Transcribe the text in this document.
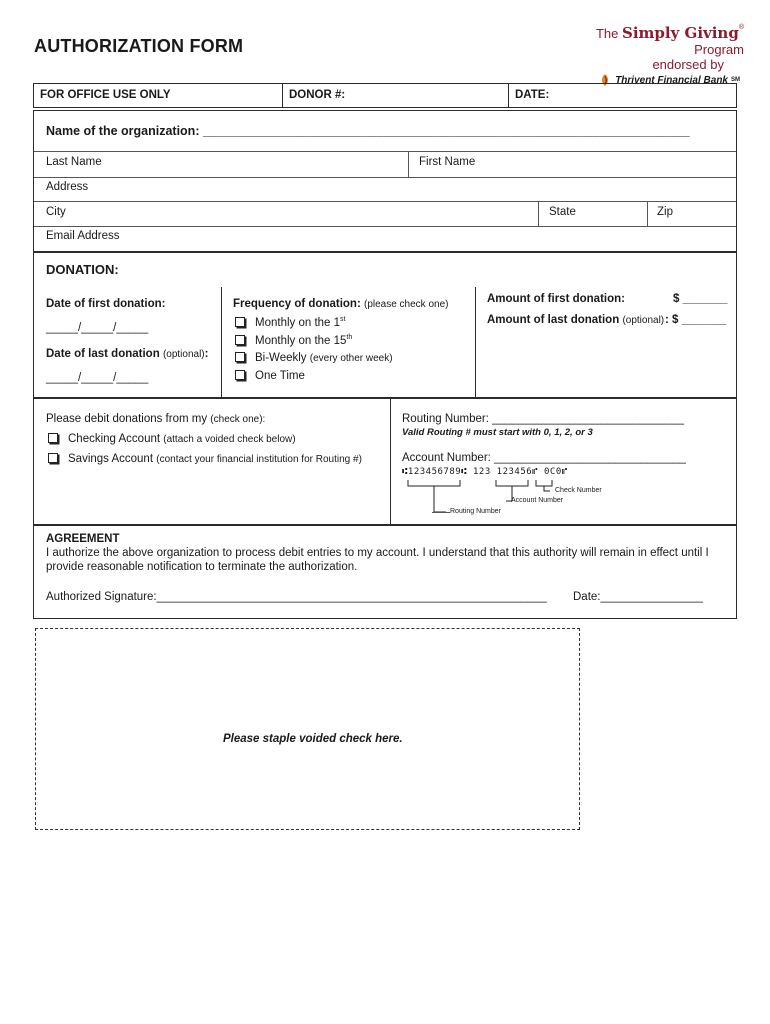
AUTHORIZATION FORM
The Simply Giving® Program
endorsed by
Thrivent Financial Bank SM
FOR OFFICE USE ONLY	DONOR #:	DATE:
Name of the organization: ______________________________________________________________________
Last Name	First Name
Address
City	State	Zip
Email Address
DONATION:
Date of first donation:
_____/_____/_____
Date of last donation (optional):
_____/_____/_____
Frequency of donation: (please check one)
Monthly on the 1st
Monthly on the 15th
Bi-Weekly (every other week)
One Time
Amount of first donation:	$ _______
Amount of last donation (optional) : $ _______
Please debit donations from my (check one):
Checking Account (attach a voided check below)
Savings Account (contact your financial institution for Routing #)
Routing Number: ______________________________
Valid Routing # must start with 0, 1, 2, or 3
Account Number: ______________________________
⑆123456789⑆ 123 123456⑈ 0C0⑈
Check Number
Account Number
Routing Number
AGREEMENT
I authorize the above organization to process debit entries to my account. I understand that this authority will remain in effect until I
provide reasonable notification to terminate the authorization.
Authorized Signature:_____________________________________________________________ Date:________________
Please staple voided check here.
